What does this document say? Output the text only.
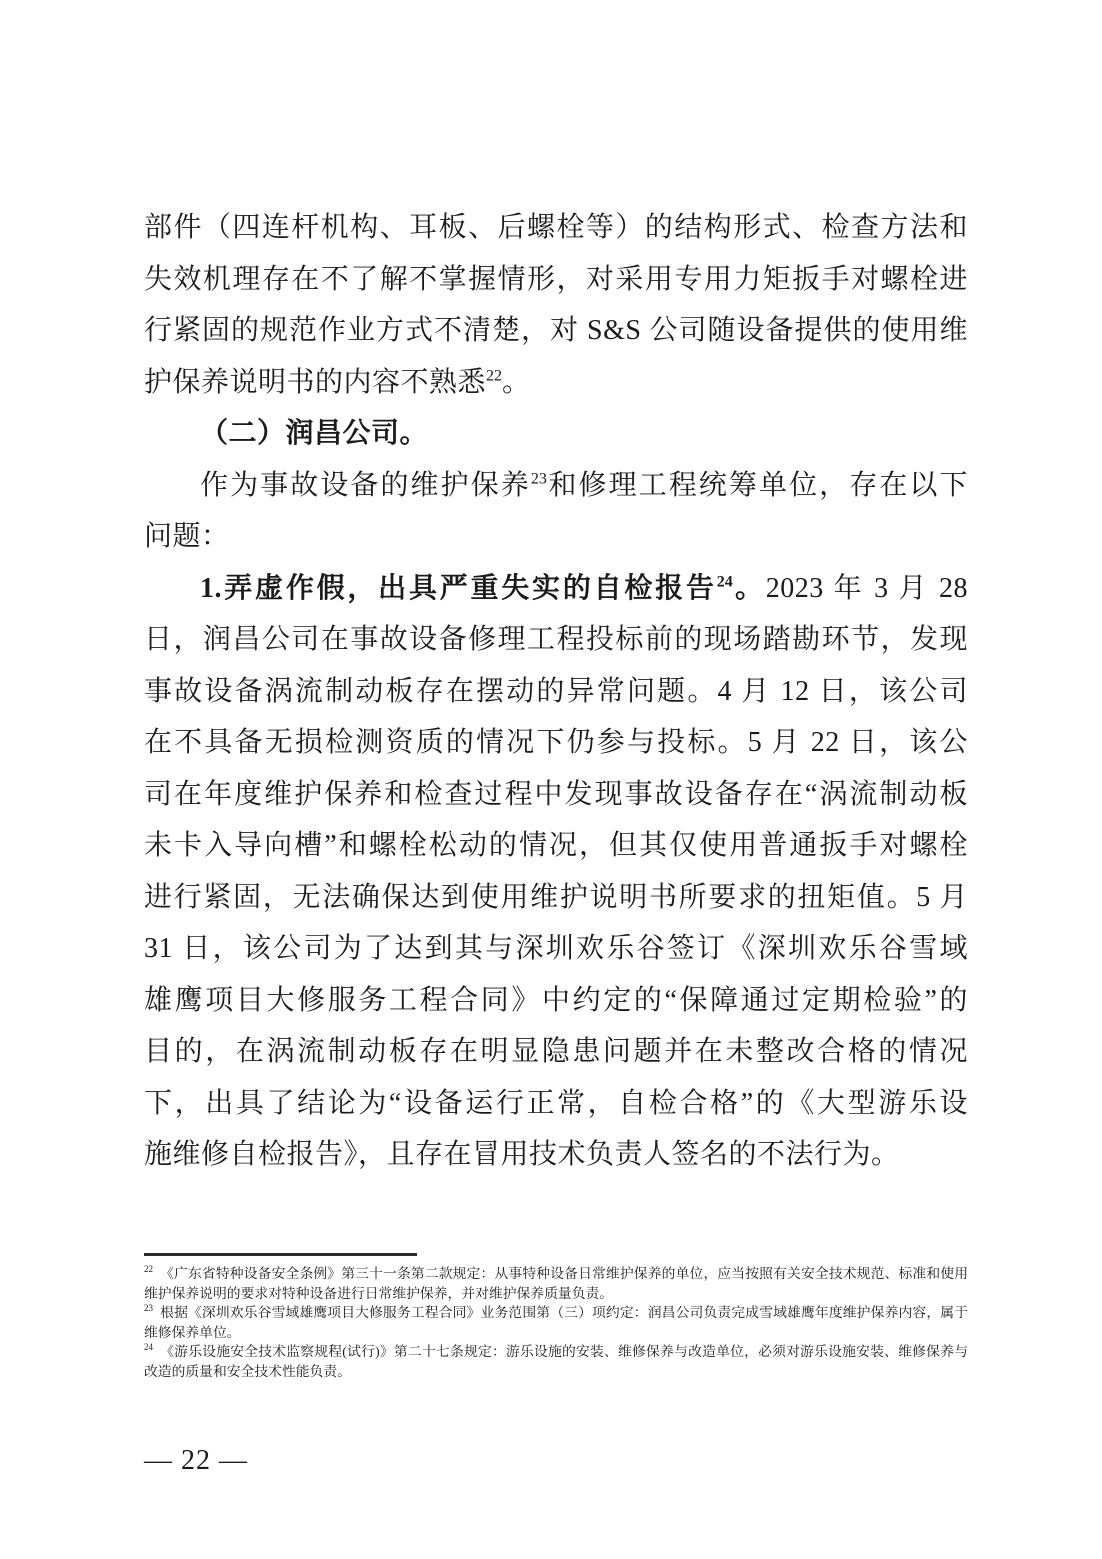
部件（四连杆机构、耳板、后螺栓等）的结构形式、检查方法和
失效机理存在不了解不掌握情形，对采用专用力矩扳手对螺栓进
行紧固的规范作业方式不清楚，对 S&S 公司随设备提供的使用维
护保养说明书的内容不熟悉$^{22}$。
（二）润昌公司。
作为事故设备的维护保养$^{23}$和修理工程统筹单位，存在以下
问题：
1.弄虚作假，出具严重失实的自检报告$^{24}$。2023 年 3 月 28
日，润昌公司在事故设备修理工程投标前的现场踏勘环节，发现
事故设备涡流制动板存在摆动的异常问题。4 月 12 日，该公司
在不具备无损检测资质的情况下仍参与投标。5 月 22 日，该公
司在年度维护保养和检查过程中发现事故设备存在“涡流制动板
未卡入导向槽”和螺栓松动的情况，但其仅使用普通扳手对螺栓
进行紧固，无法确保达到使用维护说明书所要求的扭矩值。5 月
31 日，该公司为了达到其与深圳欢乐谷签订《深圳欢乐谷雪域
雄鹰项目大修服务工程合同》中约定的“保障通过定期检验”的
目的，在涡流制动板存在明显隐患问题并在未整改合格的情况
下，出具了结论为“设备运行正常，自检合格”的《大型游乐设
施维修自检报告》，且存在冒用技术负责人签名的不法行为。
$^{22}$ 《广东省特种设备安全条例》第三十一条第二款规定：从事特种设备日常维护保养的单位，应当按照有关安全技术规范、标准和使用
维护保养说明的要求对特种设备进行日常维护保养，并对维护保养质量负责。
$^{23}$ 根据《深圳欢乐谷雪域雄鹰项目大修服务工程合同》业务范围第（三）项约定：润昌公司负责完成雪域雄鹰年度维护保养内容，属于
维修保养单位。
$^{24}$ 《游乐设施安全技术监察规程(试行)》第二十七条规定：游乐设施的安装、维修保养与改造单位，必须对游乐设施安装、维修保养与
改造的质量和安全技术性能负责。
— 22 —
